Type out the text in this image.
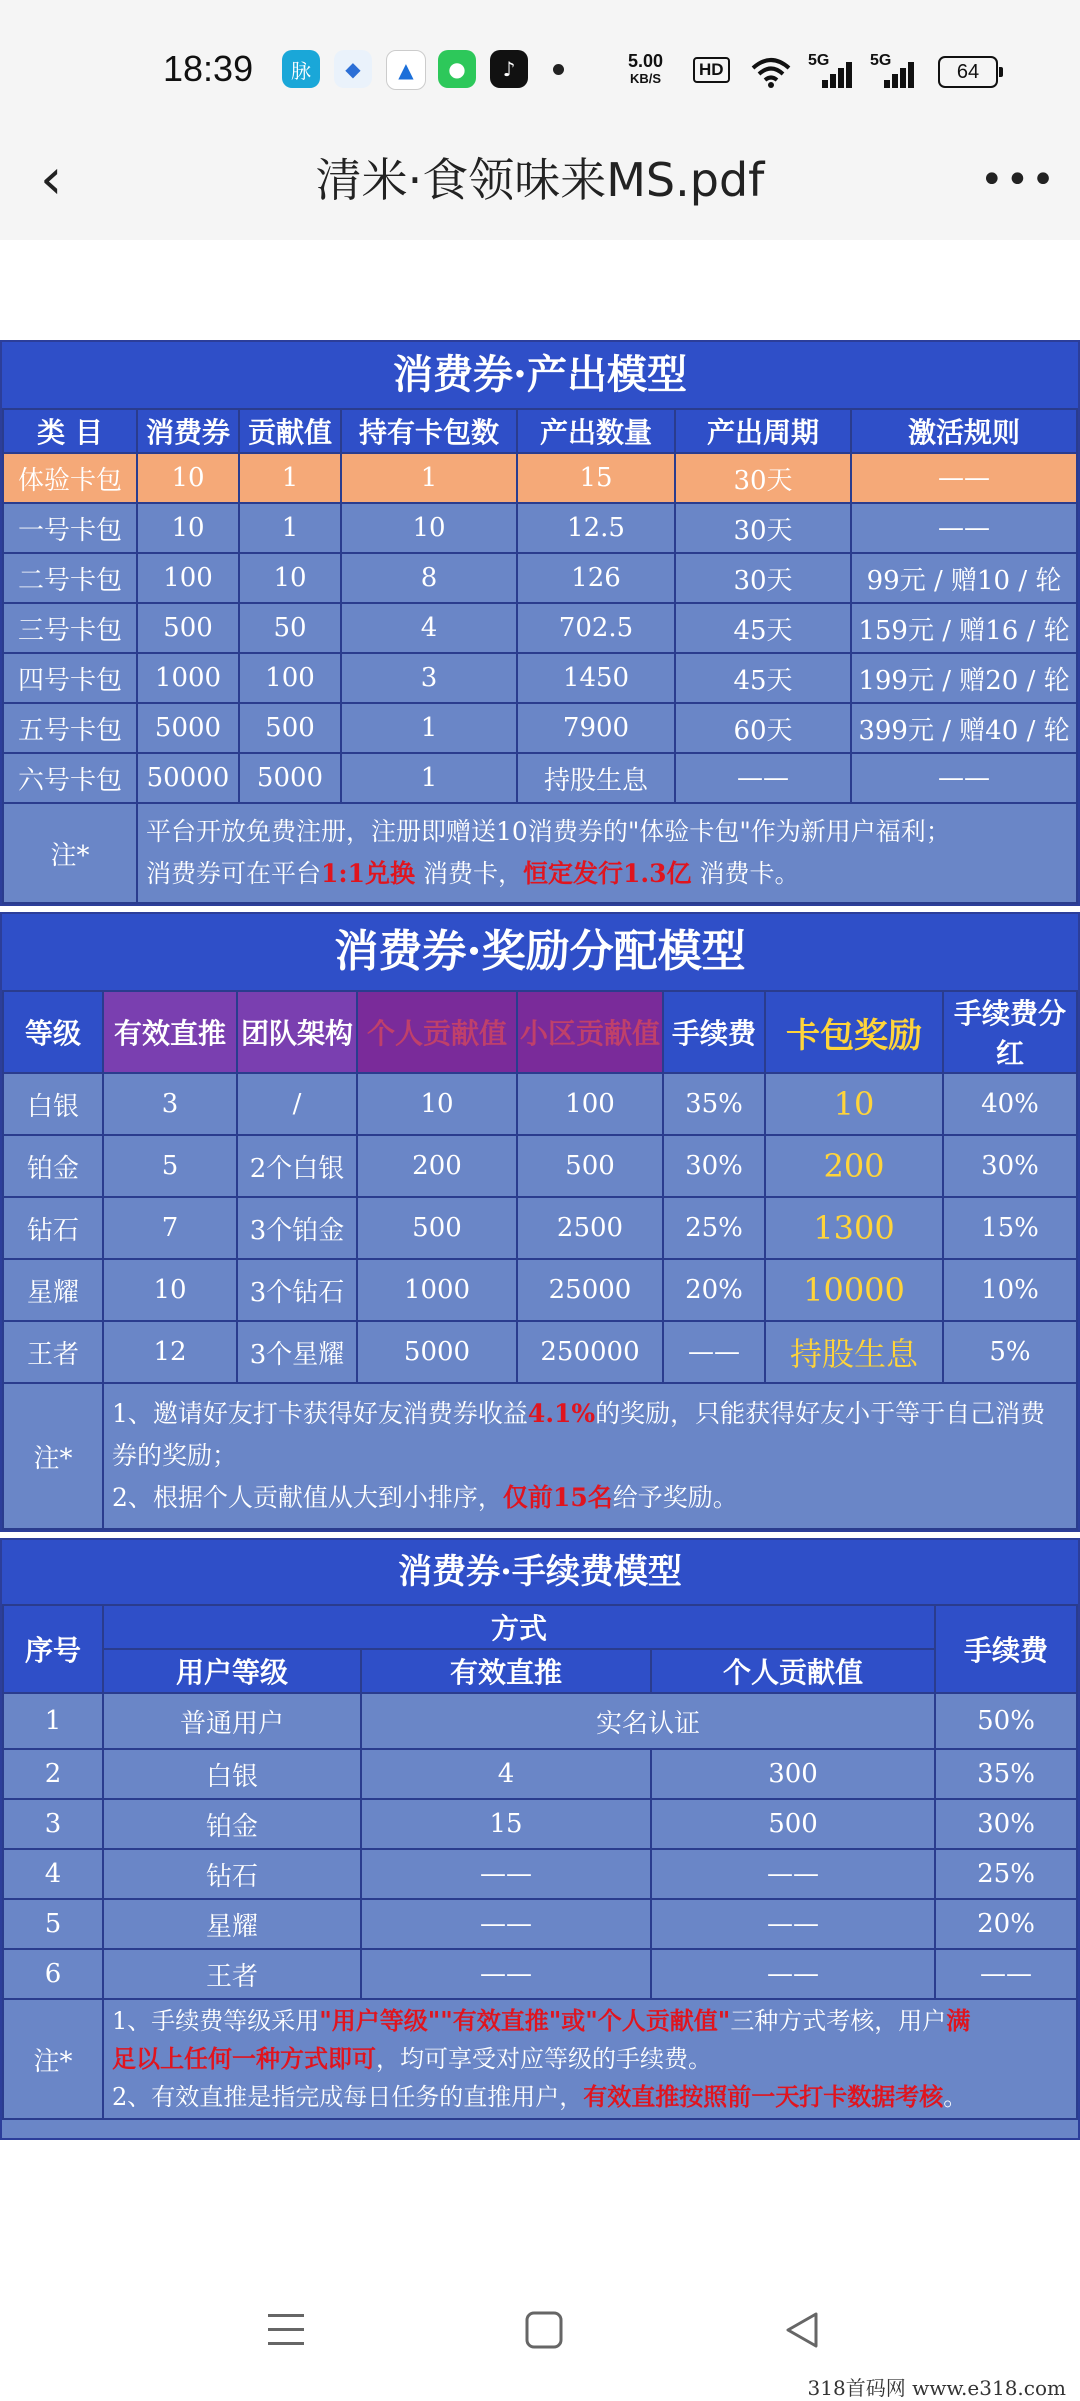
18:39	脉	◆	▲	●	♪	5.00
KB/S	HD	5G	5G
64
‹	清米·食领味来MS.pdf	•••
消费券·产出模型
类 目	消费券	贡献值	持有卡包数	产出数量	产出周期	激活规则
体验卡包	10	1	1	15	30天	——
一号卡包	10	1	10	12.5	30天	——
二号卡包	100	10	8	126	30天	99元 / 赠10 / 轮
三号卡包	500	50	4	702.5	45天	159元 / 赠16 / 轮
四号卡包	1000	100	3	1450	45天	199元 / 赠20 / 轮
五号卡包	5000	500	1	7900	60天	399元 / 赠40 / 轮
六号卡包	50000	5000	1	持股生息	——	——
注*	平台开放免费注册，注册即赠送10消费券的"体验卡包"作为新用户福利；
消费券可在平台1:1兑换 消费卡，恒定发行1.3亿 消费卡。					
消费券·奖励分配模型
等级	有效直推	团队架构	个人贡献值	小区贡献值	手续费	卡包奖励	手续费分红
白银	3	/	10	100	35%	10	40%
铂金	5	2个白银	200	500	30%	200	30%
钻石	7	3个铂金	500	2500	25%	1300	15%
星耀	10	3个钻石	1000	25000	20%	10000	10%
王者	12	3个星耀	5000	250000	——	持股生息	5%
注*	1、邀请好友打卡获得好友消费券收益4.1%的奖励，只能获得好友小于等于自己消费券的奖励；
2、根据个人贡献值从大到小排序，仅前15名给予奖励。						
消费券·手续费模型
序号	方式			手续费
	用户等级	有效直推	个人贡献值	
1	普通用户	实名认证		50%
2	白银	4	300	35%
3	铂金	15	500	30%
4	钻石	——	——	25%
5	星耀	——	——	20%
6	王者	——	——	——
注*	1、手续费等级采用"用户等级""有效直推"或"个人贡献值"三种方式考核，用户满
足以上任何一种方式即可，均可享受对应等级的手续费。
2、有效直推是指完成每日任务的直推用户，有效直推按照前一天打卡数据考核。			
318首码网 www.e318.com
